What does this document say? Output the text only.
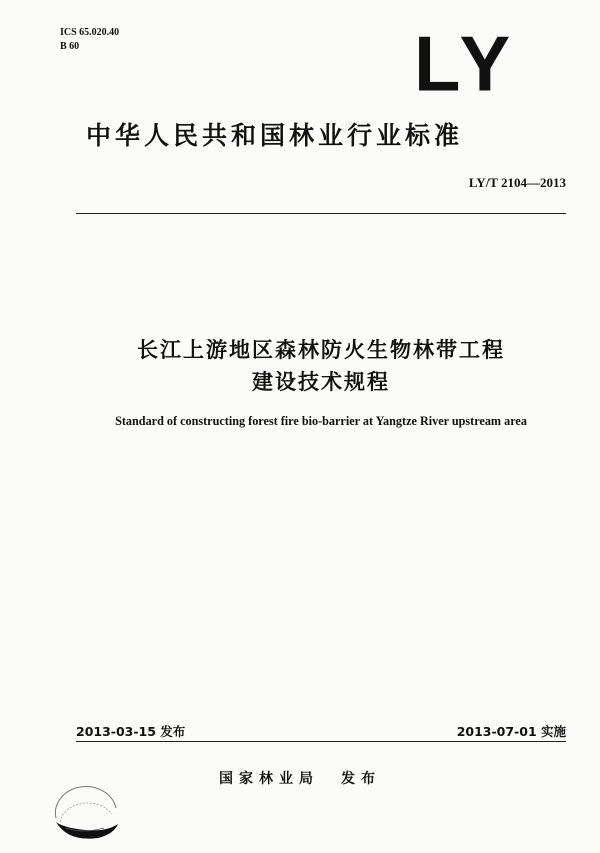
ICS 65.020.40
B 60	LY
中华人民共和国林业行业标准
LY/T 2104—2013
长江上游地区森林防火生物林带工程
建设技术规程
Standard of constructing forest fire bio-barrier at Yangtze River upstream area
2013-03-15 发布	2013-07-01 实施
国家林业局 发布
